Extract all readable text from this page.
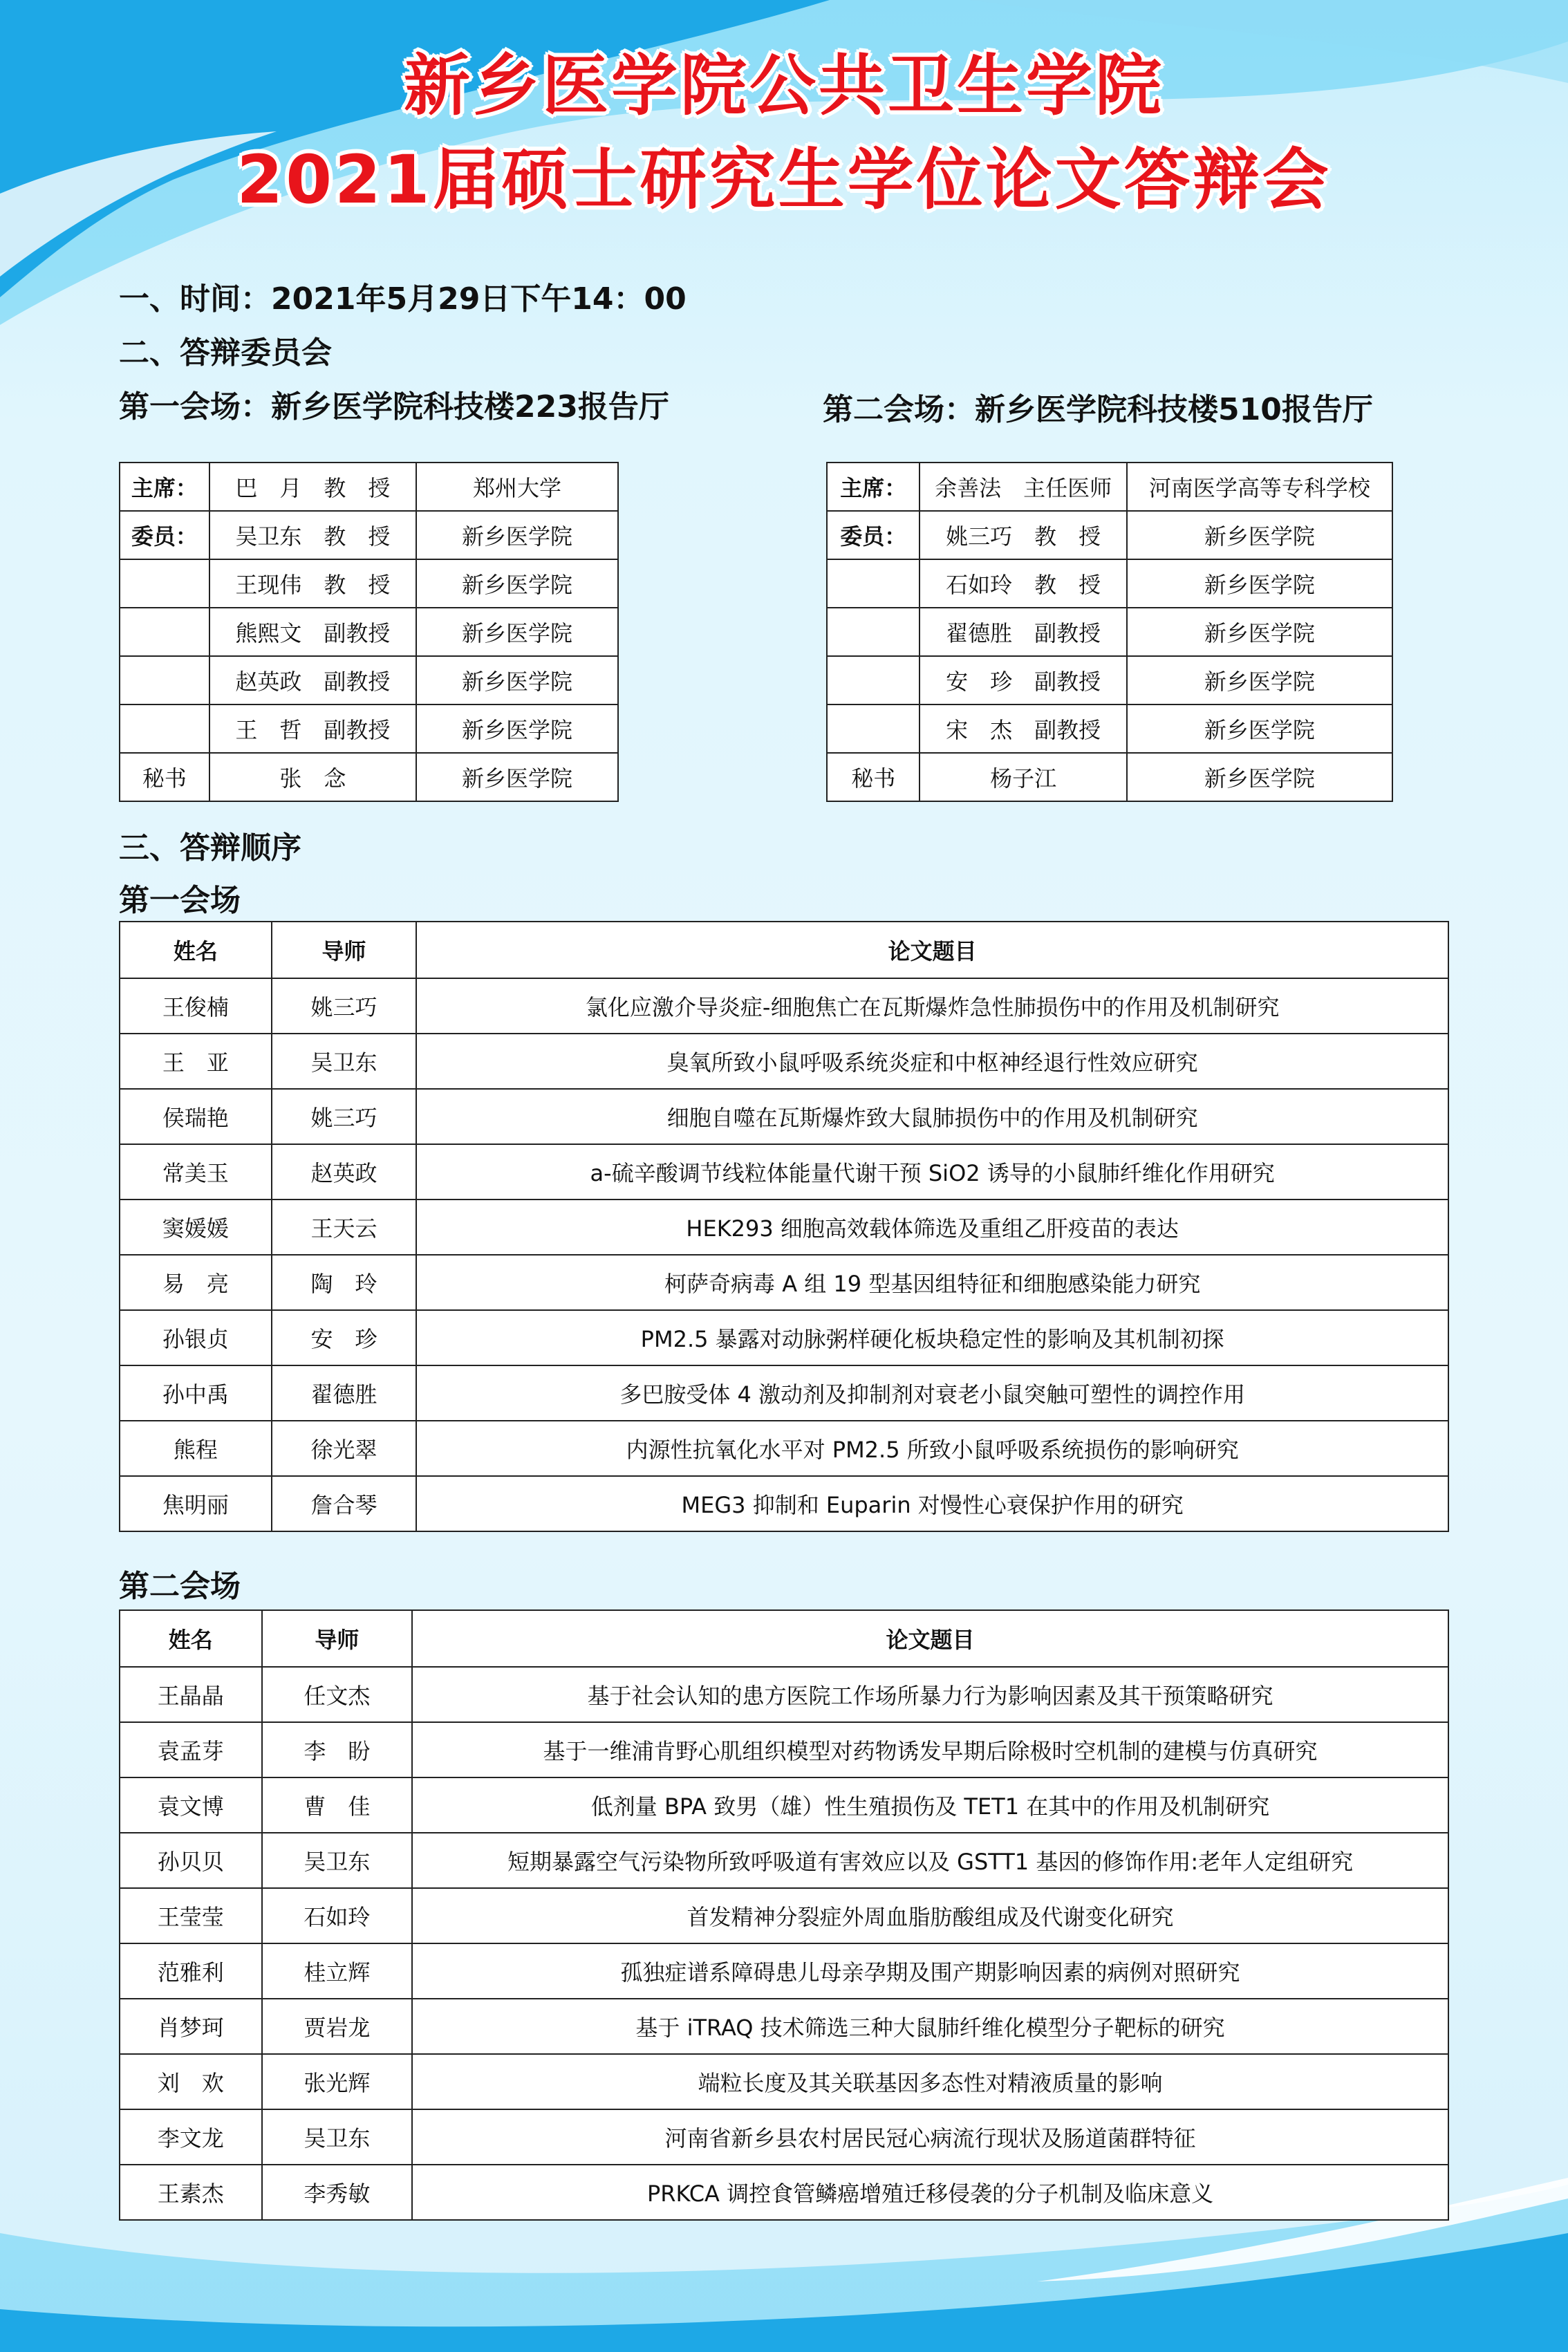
新乡医学院公共卫生学院
2021届硕士研究生学位论文答辩会
一、时间：2021年5月29日下午14：00
二、答辩委员会
第一会场：新乡医学院科技楼223报告厅	第二会场：新乡医学院科技楼510报告厅
主席：	巴　月　教　授	郑州大学
委员：	吴卫东　教　授	新乡医学院
	王现伟　教　授	新乡医学院
	熊熙文　副教授	新乡医学院
	赵英政　副教授	新乡医学院
	王　哲　副教授	新乡医学院
秘书	张　念	新乡医学院
主席：	余善法　主任医师	河南医学高等专科学校
委员：	姚三巧　教　授	新乡医学院
	石如玲　教　授	新乡医学院
	翟德胜　副教授	新乡医学院
	安　珍　副教授	新乡医学院
	宋　杰　副教授	新乡医学院
秘书	杨子江	新乡医学院
三、答辩顺序
第一会场
姓名	导师	论文题目
王俊楠	姚三巧	氯化应激介导炎症-细胞焦亡在瓦斯爆炸急性肺损伤中的作用及机制研究
王　亚	吴卫东	臭氧所致小鼠呼吸系统炎症和中枢神经退行性效应研究
侯瑞艳	姚三巧	细胞自噬在瓦斯爆炸致大鼠肺损伤中的作用及机制研究
常美玉	赵英政	a-硫辛酸调节线粒体能量代谢干预 SiO2 诱导的小鼠肺纤维化作用研究
窦媛媛	王天云	HEK293 细胞高效载体筛选及重组乙肝疫苗的表达
易　亮	陶　玲	柯萨奇病毒 A 组 19 型基因组特征和细胞感染能力研究
孙银贞	安　珍	PM2.5 暴露对动脉粥样硬化板块稳定性的影响及其机制初探
孙中禹	翟德胜	多巴胺受体 4 激动剂及抑制剂对衰老小鼠突触可塑性的调控作用
熊程	徐光翠	内源性抗氧化水平对 PM2.5 所致小鼠呼吸系统损伤的影响研究
焦明丽	詹合琴	MEG3 抑制和 Euparin 对慢性心衰保护作用的研究
第二会场
姓名	导师	论文题目
王晶晶	任文杰	基于社会认知的患方医院工作场所暴力行为影响因素及其干预策略研究
袁孟芽	李　盼	基于一维浦肯野心肌组织模型对药物诱发早期后除极时空机制的建模与仿真研究
袁文博	曹　佳	低剂量 BPA 致男（雄）性生殖损伤及 TET1 在其中的作用及机制研究
孙贝贝	吴卫东	短期暴露空气污染物所致呼吸道有害效应以及 GSTT1 基因的修饰作用:老年人定组研究
王莹莹	石如玲	首发精神分裂症外周血脂肪酸组成及代谢变化研究
范雅利	桂立辉	孤独症谱系障碍患儿母亲孕期及围产期影响因素的病例对照研究
肖梦珂	贾岩龙	基于 iTRAQ 技术筛选三种大鼠肺纤维化模型分子靶标的研究
刘　欢	张光辉	端粒长度及其关联基因多态性对精液质量的影响
李文龙	吴卫东	河南省新乡县农村居民冠心病流行现状及肠道菌群特征
王素杰	李秀敏	PRKCA 调控食管鳞癌增殖迁移侵袭的分子机制及临床意义
